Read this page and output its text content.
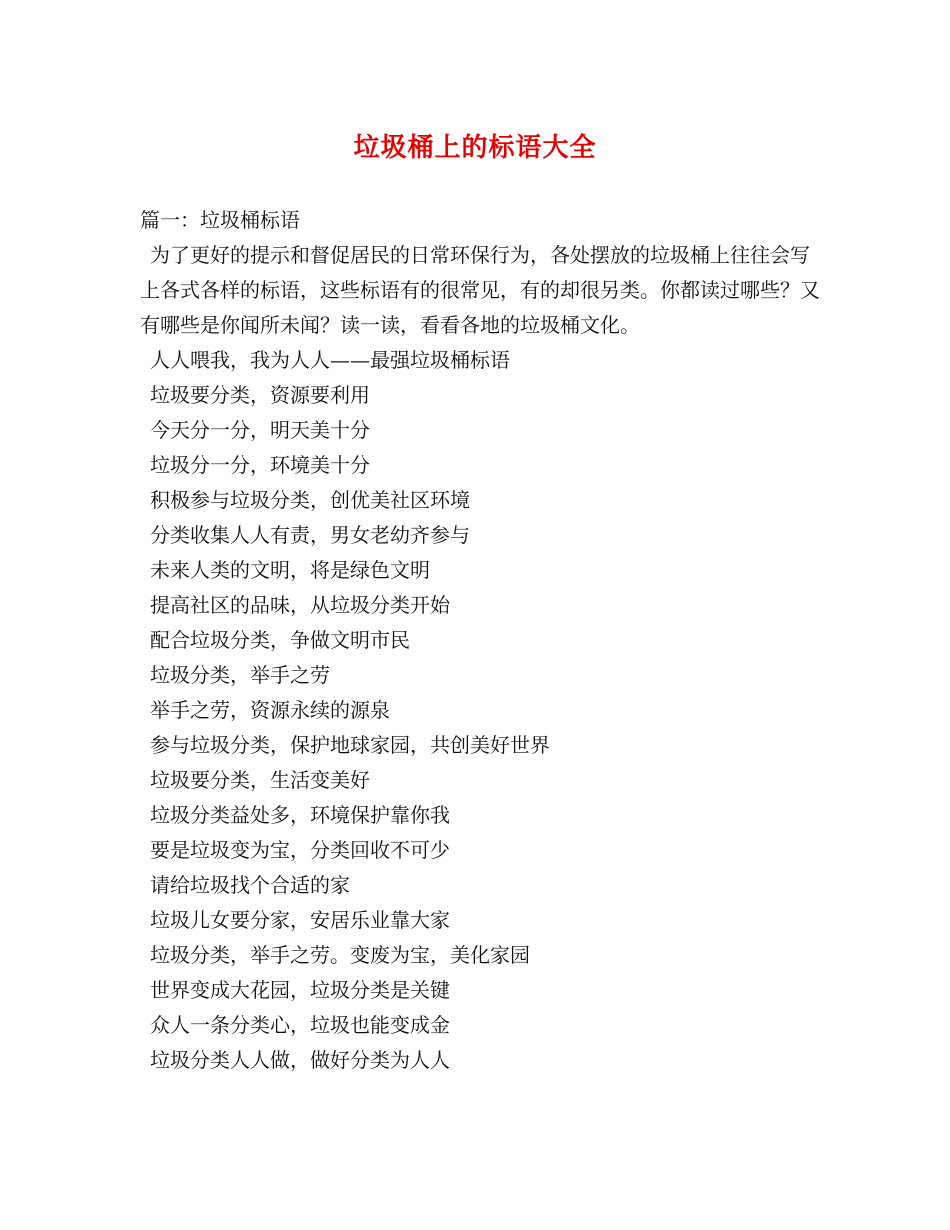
垃圾桶上的标语大全
篇一：垃圾桶标语
为了更好的提示和督促居民的日常环保行为，各处摆放的垃圾桶上往往会写上各式各样的标语，这些标语有的很常见，有的却很另类。你都读过哪些？又有哪些是你闻所未闻？读一读，看看各地的垃圾桶文化。
人人喂我，我为人人——最强垃圾桶标语
垃圾要分类，资源要利用
今天分一分，明天美十分
垃圾分一分，环境美十分
积极参与垃圾分类，创优美社区环境
分类收集人人有责，男女老幼齐参与
未来人类的文明，将是绿色文明
提高社区的品味，从垃圾分类开始
配合垃圾分类，争做文明市民
垃圾分类，举手之劳
举手之劳，资源永续的源泉
参与垃圾分类，保护地球家园，共创美好世界
垃圾要分类，生活变美好
垃圾分类益处多，环境保护靠你我
要是垃圾变为宝，分类回收不可少
请给垃圾找个合适的家
垃圾儿女要分家，安居乐业靠大家
垃圾分类，举手之劳。变废为宝，美化家园
世界变成大花园，垃圾分类是关键
众人一条分类心，垃圾也能变成金
垃圾分类人人做，做好分类为人人
